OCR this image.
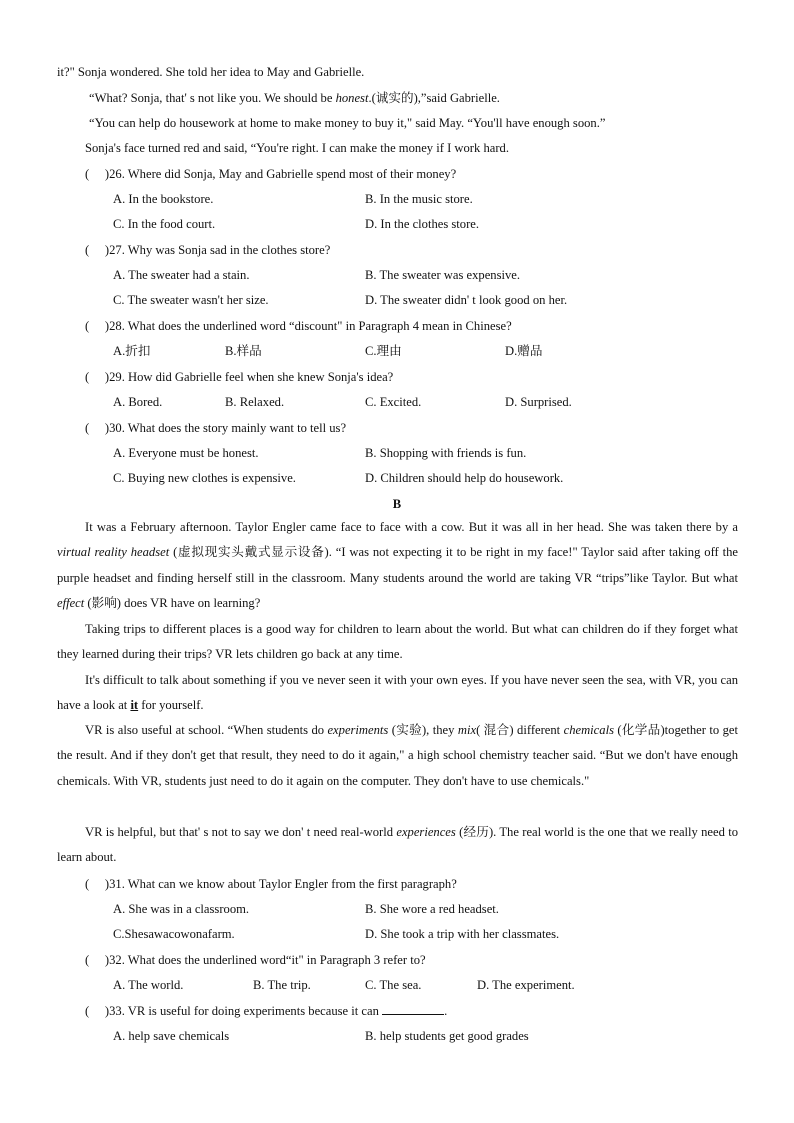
it?" Sonja wondered. She told her idea to May and Gabrielle.
“What? Sonja, that' s not like you. We should be honest.(诚实的),”said Gabrielle.
“You can help do housework at home to make money to buy it," said May. “You'll have enough soon.”
Sonja's face turned red and said, “You're right. I can make the money if I work hard.
(　 )26. Where did Sonja, May and Gabrielle spend most of their money?
A. In the bookstore.	B. In the music store.
C. In the food court.	D. In the clothes store.
(　 )27. Why was Sonja sad in the clothes store?
A. The sweater had a stain.	B. The sweater was expensive.
C. The sweater wasn't her size.	D. The sweater didn' t look good on her.
(　 )28. What does the underlined word “discount" in Paragraph 4 mean in Chinese?
A.折扣	B.样品	C.理由	D.赠品
(　 )29. How did Gabrielle feel when she knew Sonja's idea?
A. Bored.	B. Relaxed.	C. Excited.	D. Surprised.
(　 )30. What does the story mainly want to tell us?
A. Everyone must be honest.	B. Shopping with friends is fun.
C. Buying new clothes is expensive.	D. Children should help do housework.
B
It was a February afternoon. Taylor Engler came face to face with a cow. But it was all in her head. She was taken there by a virtual reality headset (虚拟现实头戴式显示设备). “I was not expecting it to be right in my face!" Taylor said after taking off the purple headset and finding herself still in the classroom. Many students around the world are taking VR “trips”like Taylor. But what effect (影响) does VR have on learning?
Taking trips to different places is a good way for children to learn about the world. But what can children do if they forget what they learned during their trips? VR lets children go back at any time.
It's difficult to talk about something if you ve never seen it with your own eyes. If you have never seen the sea, with VR, you can have a look at it for yourself.
VR is also useful at school. “When students do experiments (实验), they mix( 混合) different chemicals (化学品)together to get the result. And if they don't get that result, they need to do it again," a high school chemistry teacher said. “But we don't have enough chemicals. With VR, students just need to do it again on the computer. They don't have to use chemicals."
VR is helpful, but that' s not to say we don' t need real-world experiences (经历). The real world is the one that we really need to learn about.
(　 )31. What can we know about Taylor Engler from the first paragraph?
A. She was in a classroom.	B. She wore a red headset.
C.Shesawacowonafarm.	D. She took a trip with her classmates.
(　 )32. What does the underlined word“it" in Paragraph 3 refer to?
A. The world.	B. The trip.	C. The sea.	D. The experiment.
(　 )33. VR is useful for doing experiments because it can	.
A. help save chemicals	B. help students get good grades
